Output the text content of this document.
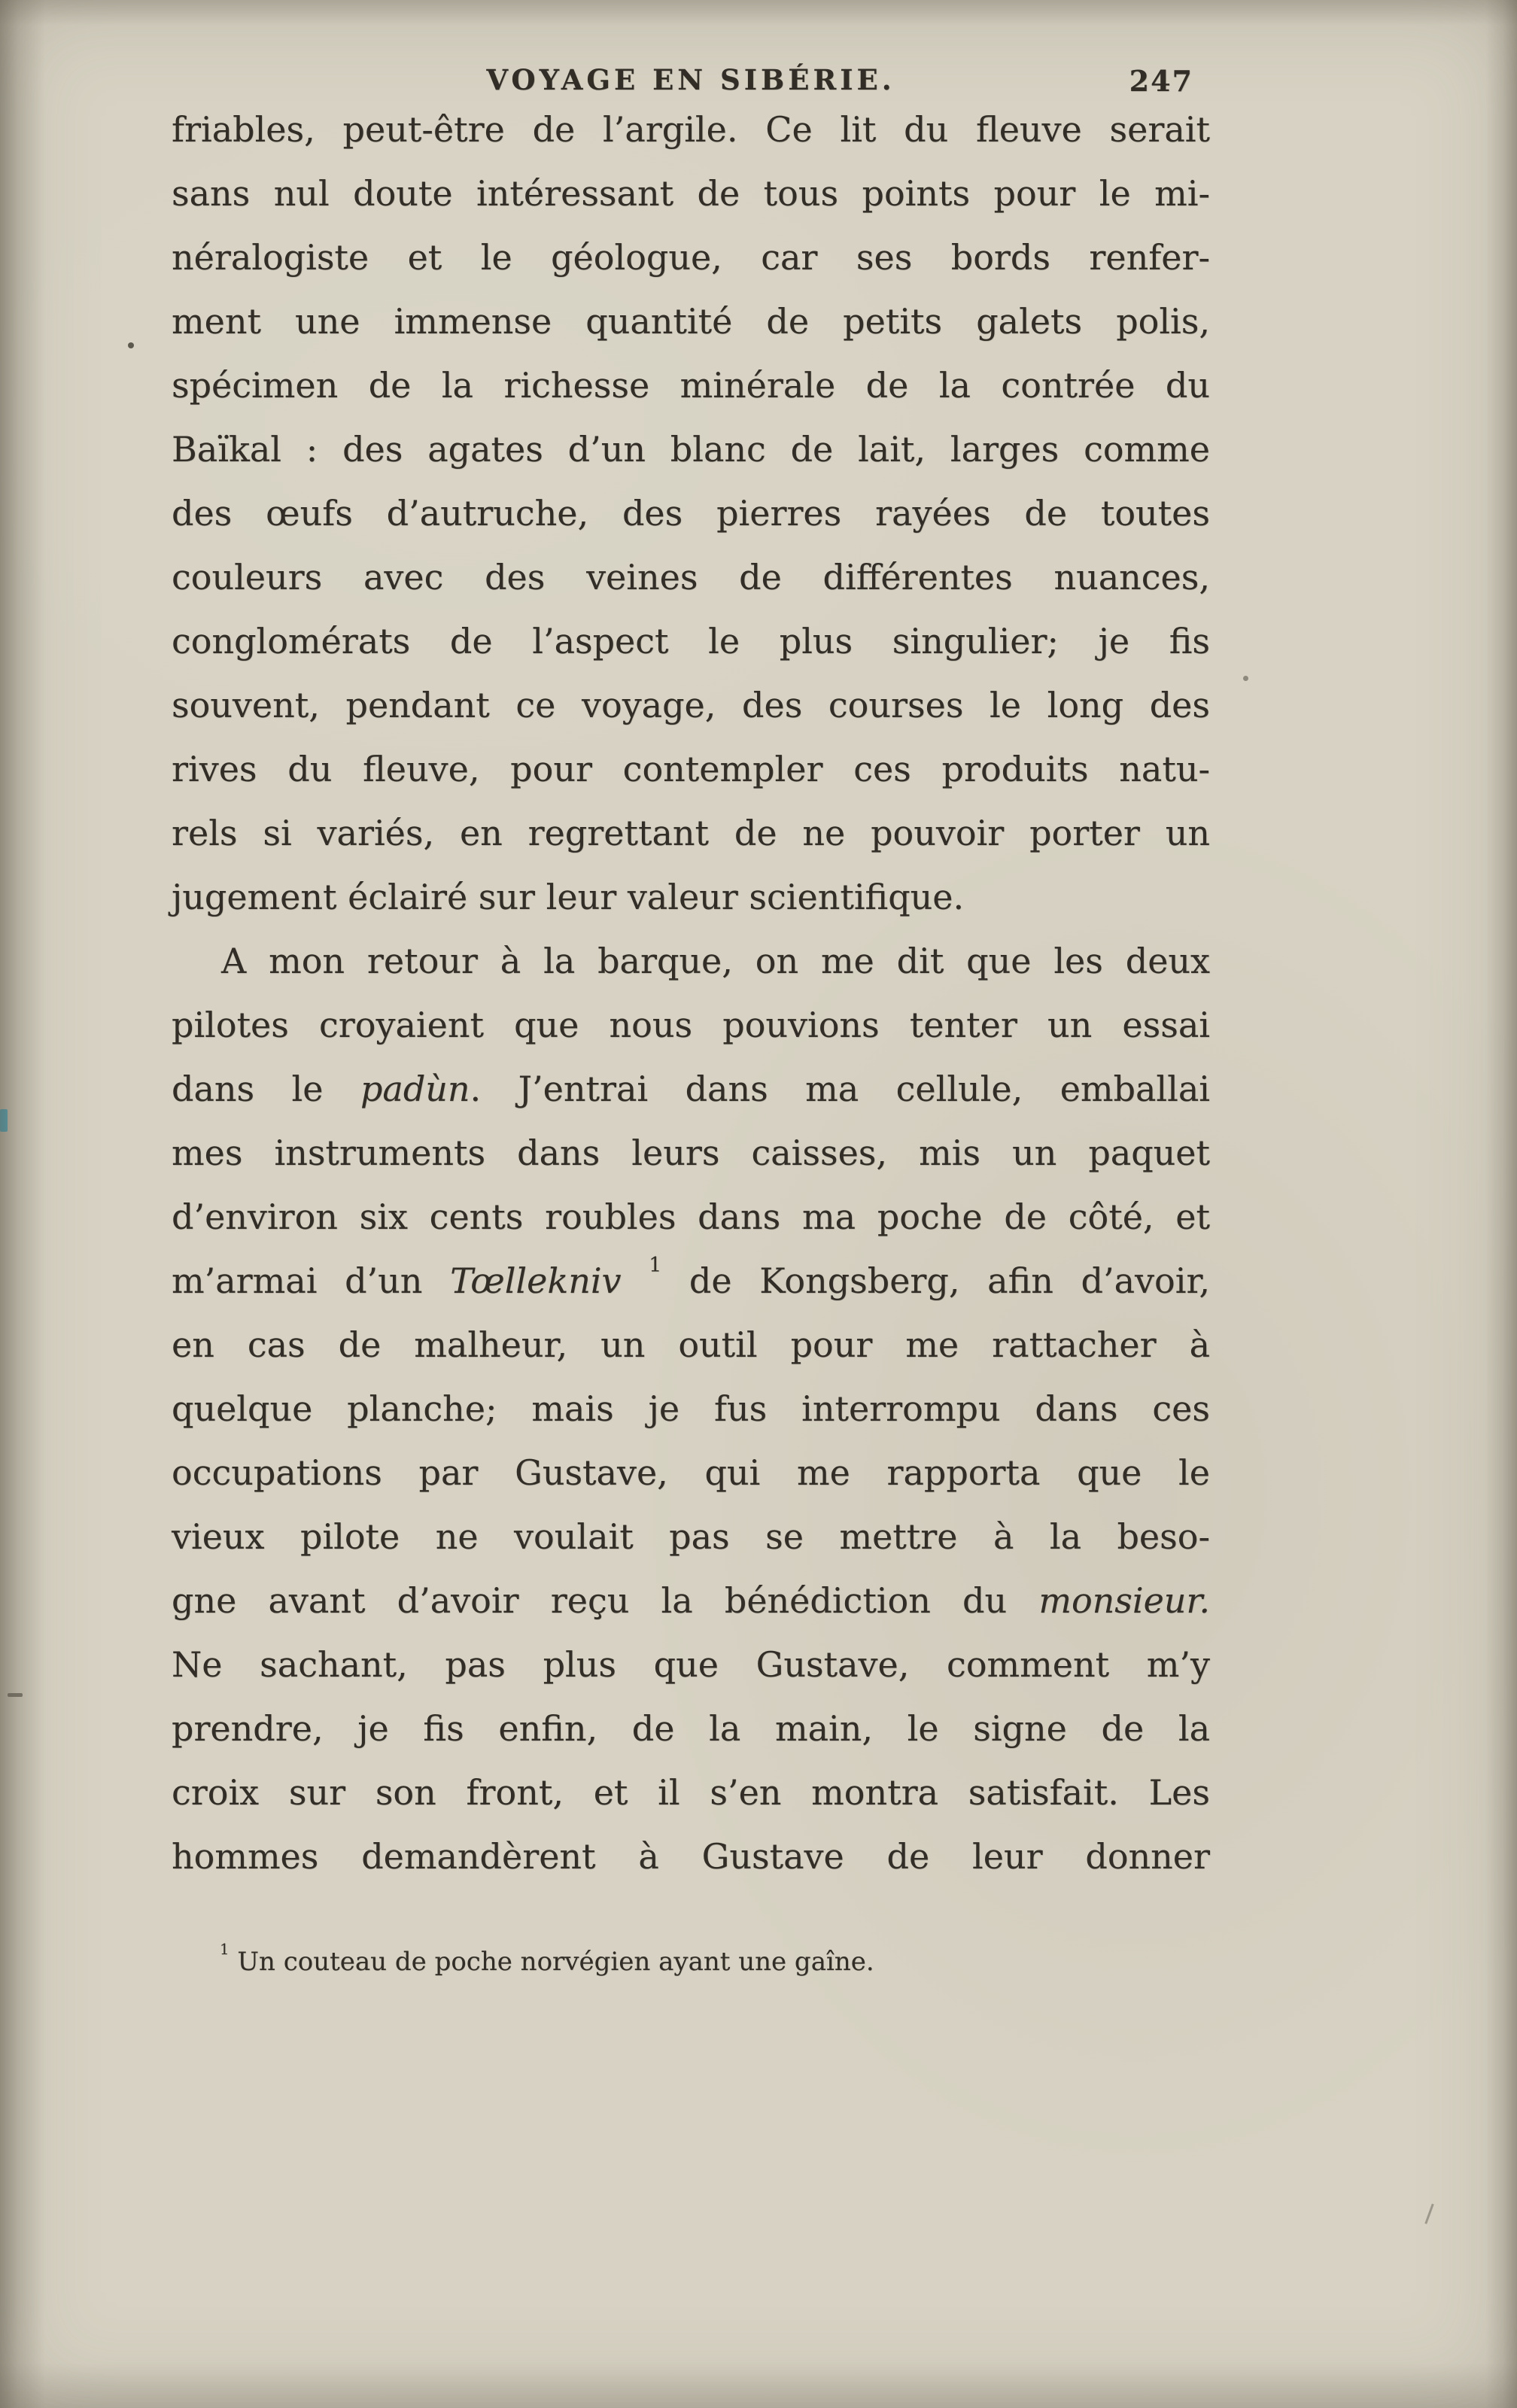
VOYAGE EN SIBÉRIE.	247
friables, peut-être de l’argile. Ce lit du fleuve serait
sans nul doute intéressant de tous points pour le mi-
néralogiste et le géologue, car ses bords renfer-
ment une immense quantité de petits galets polis,
spécimen de la richesse minérale de la contrée du
Baïkal : des agates d’un blanc de lait, larges comme
des œufs d’autruche, des pierres rayées de toutes
couleurs avec des veines de différentes nuances,
conglomérats de l’aspect le plus singulier; je fis
souvent, pendant ce voyage, des courses le long des
rives du fleuve, pour contempler ces produits natu-
rels si variés, en regrettant de ne pouvoir porter un
jugement éclairé sur leur valeur scientifique.
A mon retour à la barque, on me dit que les deux
pilotes croyaient que nous pouvions tenter un essai
dans le padùn. J’entrai dans ma cellule, emballai
mes instruments dans leurs caisses, mis un paquet
d’environ six cents roubles dans ma poche de côté, et
m’armai d’un Tœllekniv $^1$ de Kongsberg, afin d’avoir,
en cas de malheur, un outil pour me rattacher à
quelque planche; mais je fus interrompu dans ces
occupations par Gustave, qui me rapporta que le
vieux pilote ne voulait pas se mettre à la beso-
gne avant d’avoir reçu la bénédiction du monsieur.
Ne sachant, pas plus que Gustave, comment m’y
prendre, je fis enfin, de la main, le signe de la
croix sur son front, et il s’en montra satisfait. Les
hommes demandèrent à Gustave de leur donner
$^1$ Un couteau de poche norvégien ayant une gaîne.
